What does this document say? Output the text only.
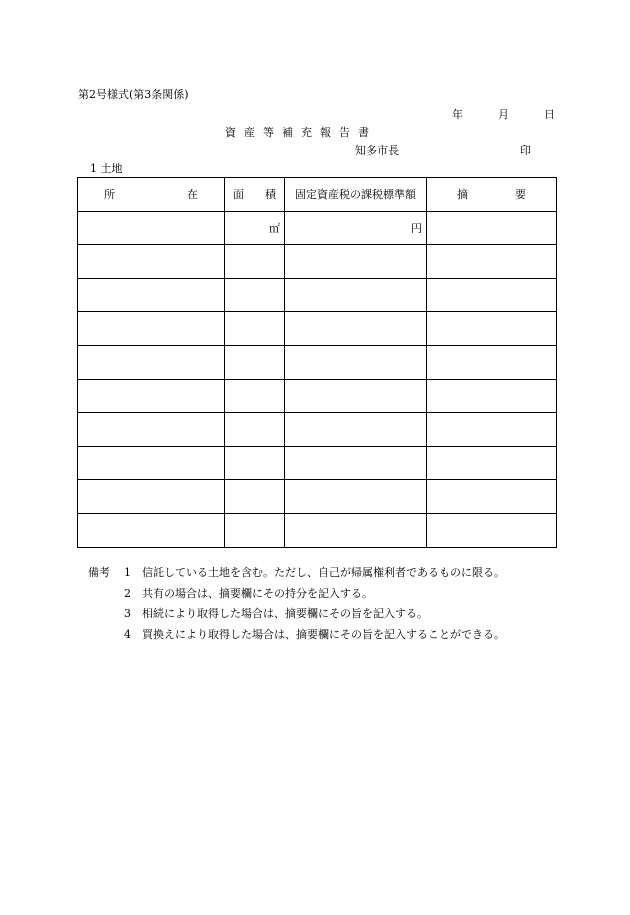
第2号様式(第3条関係)
年	月	日
資産等補充報告書
知多市長	印
1 土地
所 在	面 積	固定資産税の課税標準額	摘 要

	㎡	円	

備考	1	信託している土地を含む。ただし、自己が帰属権利者であるものに限る。
2	共有の場合は、摘要欄にその持分を記入する。
3	相続により取得した場合は、摘要欄にその旨を記入する。
4	買換えにより取得した場合は、摘要欄にその旨を記入することができる。
